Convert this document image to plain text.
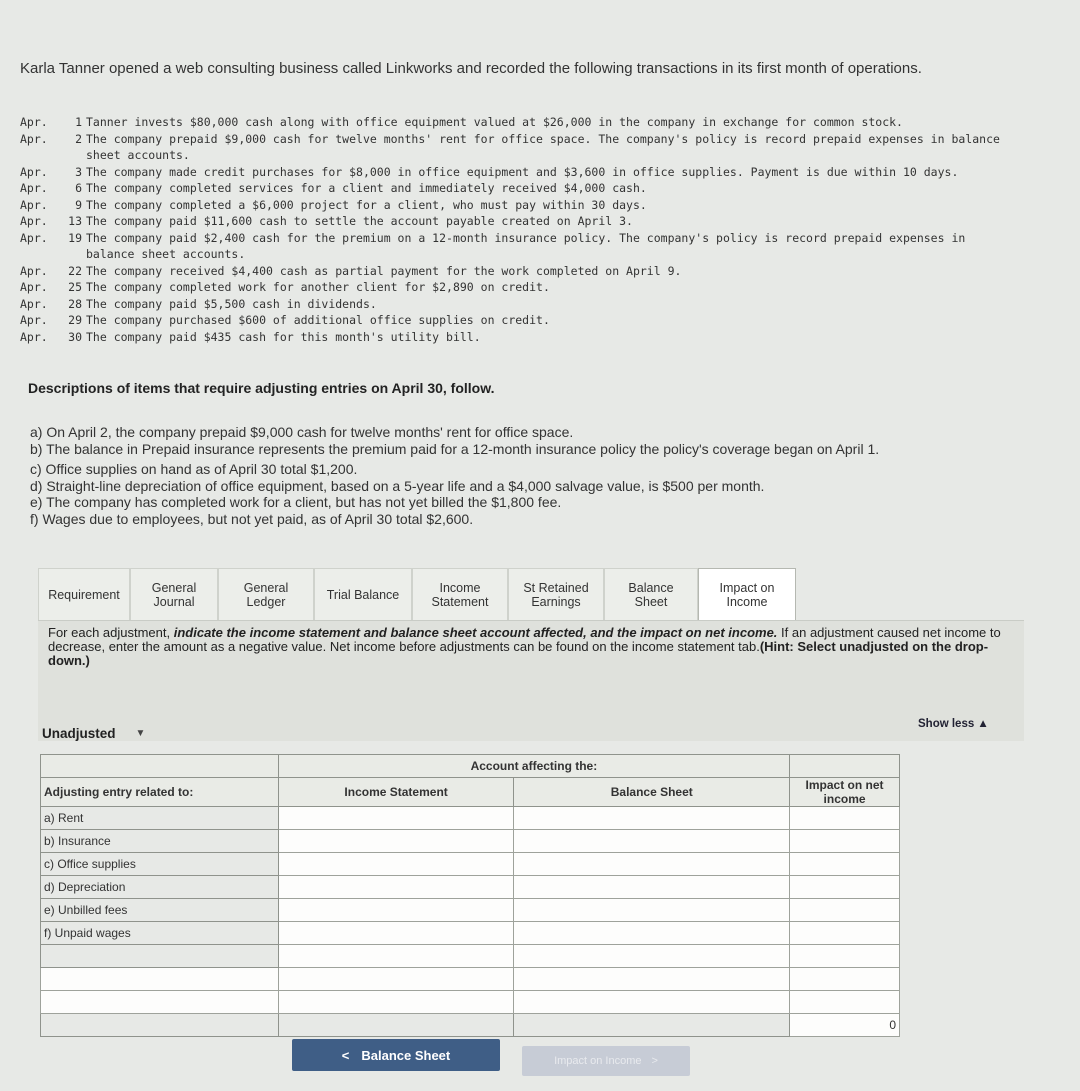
Karla Tanner opened a web consulting business called Linkworks and recorded the following transactions in its first month of operations.
Apr.	1 Tanner invests $80,000 cash along with office equipment valued at $26,000 in the company in exchange for common stock.
Apr.	2 The company prepaid $9,000 cash for twelve months' rent for office space. The company's policy is record prepaid expenses in balance sheet accounts.
Apr.	3 The company made credit purchases for $8,000 in office equipment and $3,600 in office supplies. Payment is due within 10 days.
Apr.	6 The company completed services for a client and immediately received $4,000 cash.
Apr.	9 The company completed a $6,000 project for a client, who must pay within 30 days.
Apr.	13 The company paid $11,600 cash to settle the account payable created on April 3.
Apr.	19 The company paid $2,400 cash for the premium on a 12-month insurance policy. The company's policy is record prepaid expenses in balance sheet accounts.
Apr.	22 The company received $4,400 cash as partial payment for the work completed on April 9.
Apr.	25 The company completed work for another client for $2,890 on credit.
Apr.	28 The company paid $5,500 cash in dividends.
Apr.	29 The company purchased $600 of additional office supplies on credit.
Apr.	30 The company paid $435 cash for this month's utility bill.
Descriptions of items that require adjusting entries on April 30, follow.
a) On April 2, the company prepaid $9,000 cash for twelve months' rent for office space.
b) The balance in Prepaid insurance represents the premium paid for a 12-month insurance policy the policy's coverage began on April 1.
c) Office supplies on hand as of April 30 total $1,200.
d) Straight-line depreciation of office equipment, based on a 5-year life and a $4,000 salvage value, is $500 per month.
e) The company has completed work for a client, but has not yet billed the $1,800 fee.
f) Wages due to employees, but not yet paid, as of April 30 total $2,600.
Requirement	General Journal
General Ledger	Trial Balance	Income Statement
St Retained Earnings
Balance Sheet
Impact on Income
For each adjustment, indicate the income statement and balance sheet account affected, and the impact on net income. If an adjustment caused net income to decrease, enter the amount as a negative value. Net income before adjustments can be found on the income statement tab.(Hint: Select unadjusted on the drop-down.)
Show less ▲
Unadjusted ▼
	Account affecting the:		
Adjusting entry related to:	Income Statement	Balance Sheet	Impact on net income
a) Rent			
b) Insurance			
c) Office supplies			
d) Depreciation			
e) Unbilled fees			
f) Unpaid wages			

			0
< Balance Sheet	Impact on Income >
